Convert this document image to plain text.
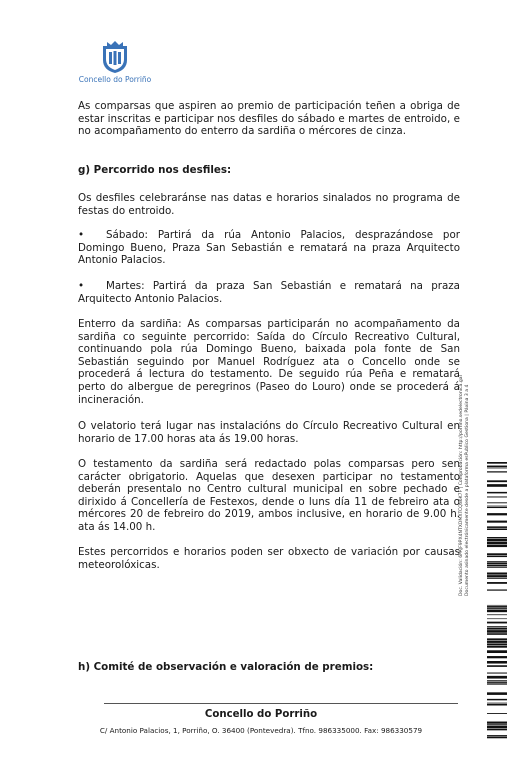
Concello do Porriño

As comparsas que aspiren ao premio de participación teñen a obriga de estar inscritas e participar nos desfiles do sábado e martes de entroido, e no acompañamento do enterro da sardiña o mércores de cinza.

g) Percorrido nos desfiles:

Os desfiles celebraránse nas datas e horarios sinalados no programa de festas do entroido.

• Sábado: Partirá da rúa Antonio Palacios, desprazándose por Domingo Bueno, Praza San Sebastián e rematará na praza Arquitecto Antonio Palacios.

• Martes: Partirá da praza San Sebastián e rematará na praza Arquitecto Antonio Palacios.

Enterro da sardiña: As comparsas participarán no acompañamento da sardiña co seguinte percorrido: Saída do Círculo Recreativo Cultural, continuando pola rúa Domingo Bueno, baixada pola fonte de San Sebastián seguindo por Manuel Rodríguez ata o Concello onde se procederá á lectura do testamento. De seguido rúa Peña e rematará perto do albergue de peregrinos (Paseo do Louro) onde se procederá á incineración.

O velatorio terá lugar nas instalacións do Círculo Recreativo Cultural en horario de 17.00 horas ata ás 19.00 horas.

O testamento da sardiña será redactado polas comparsas pero sen carácter obrigatorio. Aquelas que desexen participar no testamento deberán presentalo no Centro cultural municipal en sobre pechado e dirixido á Concellería de Festexos, dende o luns día 11 de febreiro ata o mércores 20 de febreiro do 2019, ambos inclusive, en horario de 9.00 h. ata ás 14.00 h.

Estes percorridos e horarios poden ser obxecto de variación por causas meteorolóxicas.

h) Comité de observación e valoración de premios:
Concello do Porriño
C/ Antonio Palacios, 1, Porriño, O. 36400 (Pontevedra). Tfno. 986335000. Fax: 986330579
Doc. Validación: 6PAJF9PX4NTXDMXTCQS6K7F | Comprobación: http://porrino.sedelectronica.gal Documento asinado electrónicamente desde a plataforma esPublico Gestiona | Páxina 3 a 4
